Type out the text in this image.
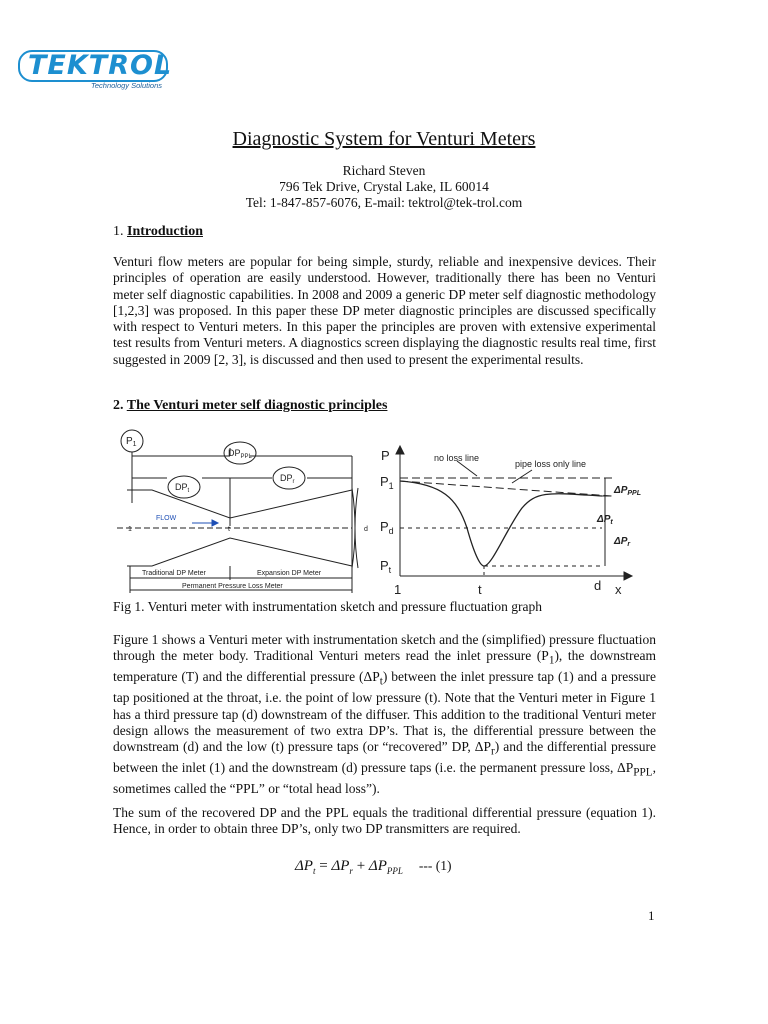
TEKTROL
Technology Solutions
Diagnostic System for Venturi Meters
Richard Steven
796 Tek Drive, Crystal Lake, IL 60014
Tel: 1-847-857-6076, E-mail: tektrol@tek-trol.com
1. Introduction

Venturi flow meters are popular for being simple, sturdy, reliable and inexpensive devices. Their principles of operation are easily understood. However, traditionally there has been no Venturi meter self diagnostic capabilities. In 2008 and 2009 a generic DP meter self diagnostic methodology [1,2,3] was proposed. In this paper these DP meter diagnostic principles are discussed specifically with respect to Venturi meters. In this paper the principles are proven with extensive experimental test results from Venturi meters. A diagnostics screen displaying the diagnostic results real time, first suggested in 2009 [2, 3], is discussed and then used to present the experimental results.

2. The Venturi meter self diagnostic principles
$P_1$
$DP_{PPL}$
$DP_t$
$DP_r$
FLOW
1	t	d
Traditional DP Meter	Expansion DP Meter
Permanent Pressure Loss Meter
P
$P_1$
$P_d$
$P_t$
no loss line
pipe loss only line
$\Delta P_{PPL}$
$\Delta P_t$
$\Delta P_r$
1	t	d x
Fig 1. Venturi meter with instrumentation sketch and pressure fluctuation graph

Figure 1 shows a Venturi meter with instrumentation sketch and the (simplified) pressure fluctuation through the meter body. Traditional Venturi meters read the inlet pressure $(P_1)$, the downstream temperature (T) and the differential pressure $(\Delta P_t)$ between the inlet pressure tap (1) and a pressure tap positioned at the throat, i.e. the point of low pressure (t). Note that the Venturi meter in Figure 1 has a third pressure tap (d) downstream of the diffuser. This addition to the traditional Venturi meter design allows the measurement of two extra DP’s. That is, the differential pressure between the downstream (d) and the low (t) pressure taps (or “recovered” DP, $\Delta P_r$) and the differential pressure between the inlet (1) and the downstream (d) pressure taps (i.e. the permanent pressure loss, $\Delta P_{PPL}$, sometimes called the “PPL” or “total head loss”).

The sum of the recovered DP and the PPL equals the traditional differential pressure (equation 1). Hence, in order to obtain three DP’s, only two DP transmitters are required.

$\Delta P_t = \Delta P_r + \Delta P_{PPL}$ --- (1)
1
